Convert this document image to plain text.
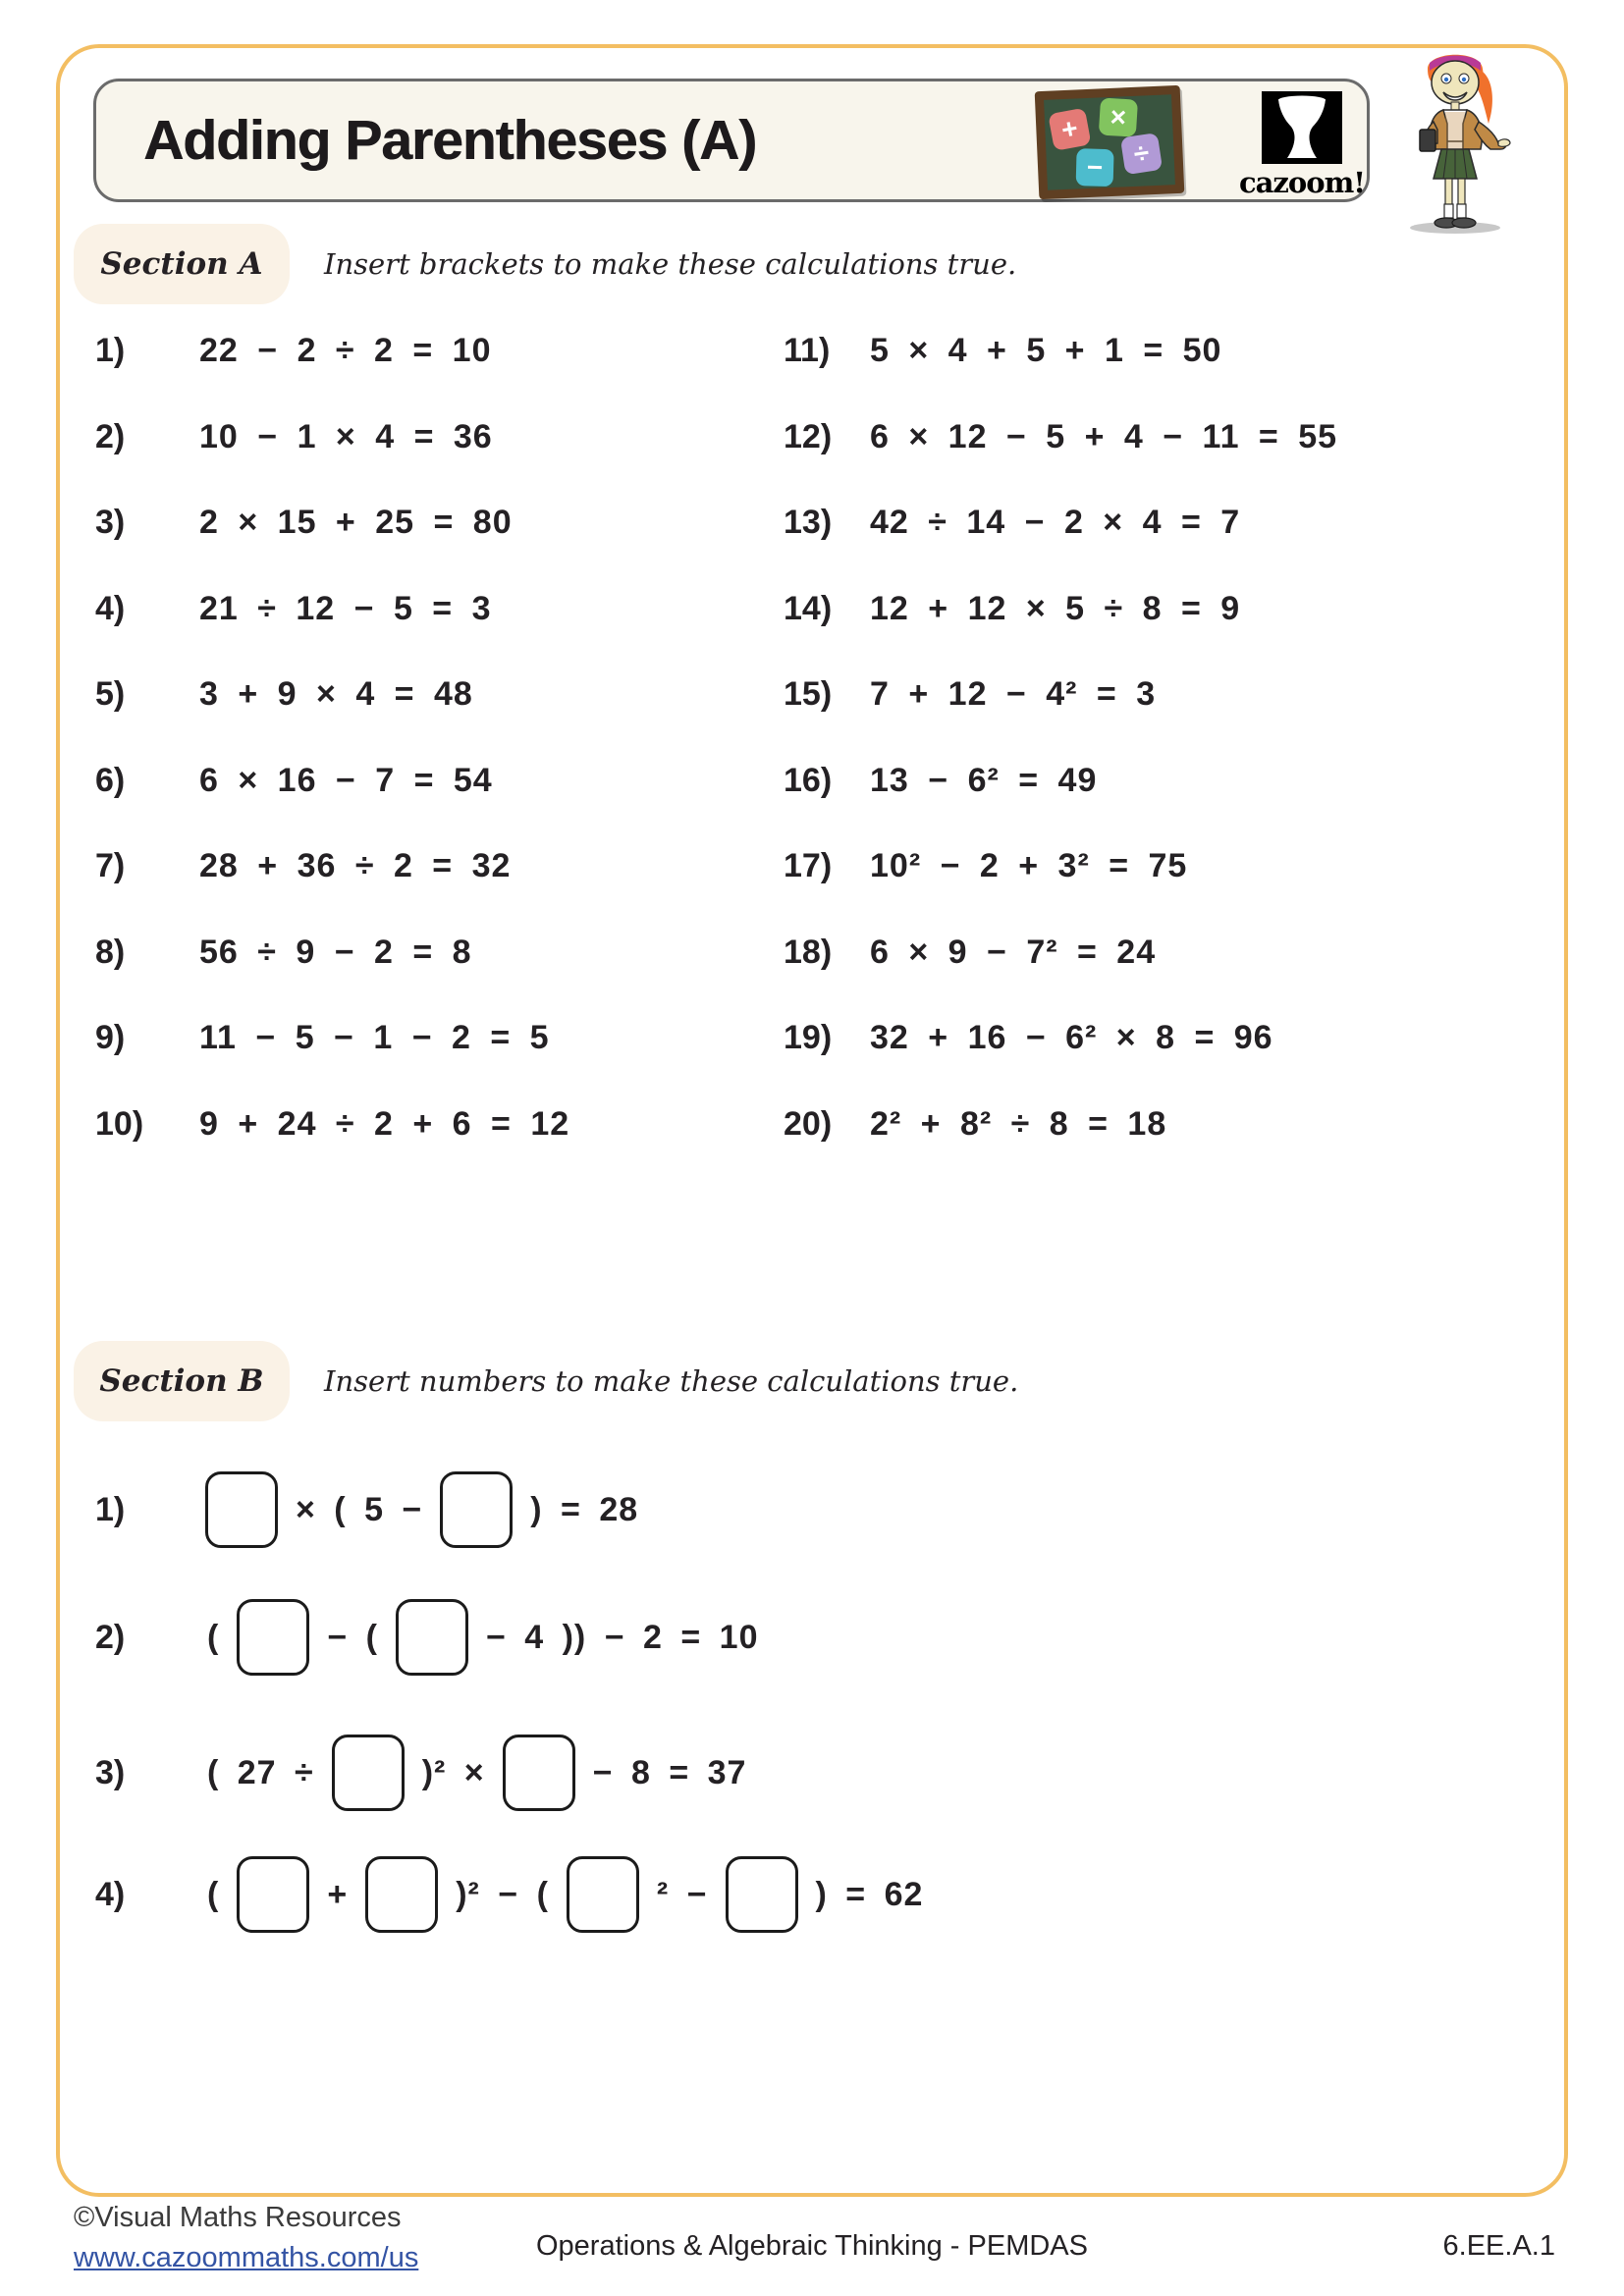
Adding Parentheses (A)	+	×
−	÷
cazoom!
Section A	Insert brackets to make these calculations true.
1)	22 − 2 ÷ 2 = 10
2)	10 − 1 × 4 = 36
3)	2 × 15 + 25 = 80
4)	21 ÷ 12 − 5 = 3
5)	3 + 9 × 4 = 48
6)	6 × 16 − 7 = 54
7)	28 + 36 ÷ 2 = 32
8)	56 ÷ 9 − 2 = 8
9)	11 − 5 − 1 − 2 = 5
10)	9 + 24 ÷ 2 + 6 = 12
11)	5 × 4 + 5 + 1 = 50
12)	6 × 12 − 5 + 4 − 11 = 55
13)	42 ÷ 14 − 2 × 4 = 7
14)	12 + 12 × 5 ÷ 8 = 9
15)	7 + 12 − 4² = 3
16)	13 − 6² = 49
17)	10² − 2 + 3² = 75
18)	6 × 9 − 7² = 24
19)	32 + 16 − 6² × 8 = 96
20)	2² + 8² ÷ 8 = 18
Section B	Insert numbers to make these calculations true.
1)	× ( 5 −	) = 28
2)	(	− (	− 4 )) − 2 = 10
3)	( 27 ÷	)² ×	− 8 = 37
4)	(	+	)² − (	² −	) = 62
©Visual Maths Resources
www.cazoommaths.com/us	Operations & Algebraic Thinking - PEMDAS	6.EE.A.1
